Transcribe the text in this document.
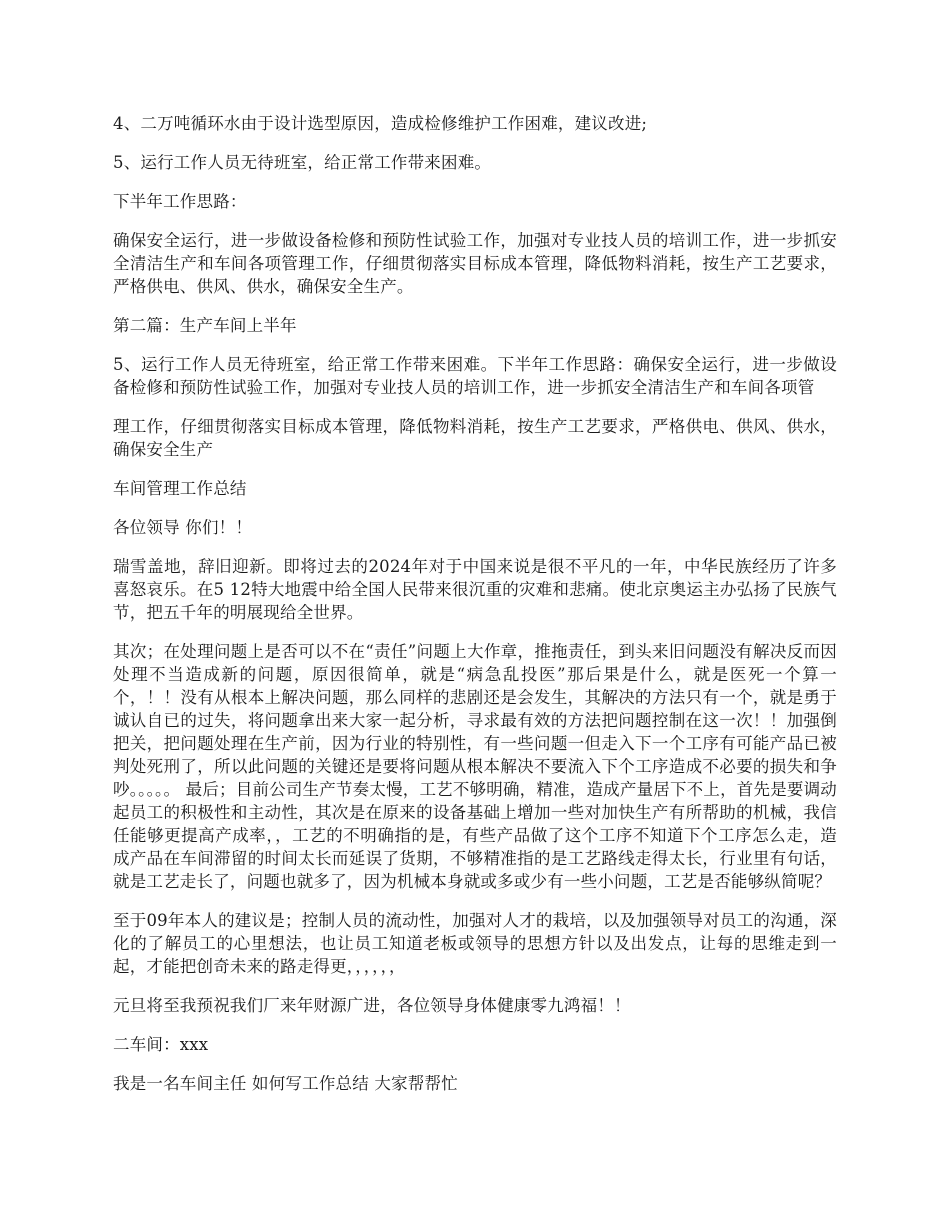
4、二万吨循环水由于设计选型原因，造成检修维护工作困难，建议改进;

5、运行工作人员无待班室，给正常工作带来困难。

下半年工作思路：

确保安全运行，进一步做设备检修和预防性试验工作，加强对专业技人员的培训工作，进一步抓安全清洁生产和车间各项管理工作，仔细贯彻落实目标成本管理，降低物料消耗，按生产工艺要求，严格供电、供风、供水，确保安全生产。

第二篇：生产车间上半年

5、运行工作人员无待班室，给正常工作带来困难。下半年工作思路：确保安全运行，进一步做设备检修和预防性试验工作，加强对专业技人员的培训工作，进一步抓安全清洁生产和车间各项管

理工作，仔细贯彻落实目标成本管理，降低物料消耗，按生产工艺要求，严格供电、供风、供水，确保安全生产

车间管理工作总结

各位领导 你们！！

瑞雪盖地，辞旧迎新。即将过去的2024年对于中国来说是很不平凡的一年，中华民族经历了许多喜怒哀乐。在5 12特大地震中给全国人民带来很沉重的灾难和悲痛。使北京奥运主办弘扬了民族气节，把五千年的明展现给全世界。

其次；在处理问题上是否可以不在“责任”问题上大作章，推拖责任，到头来旧问题没有解决反而因处理不当造成新的问题，原因很简单，就是“病急乱投医”那后果是什么，就是医死一个算一个，！！没有从根本上解决问题，那么同样的悲剧还是会发生，其解决的方法只有一个，就是勇于诚认自已的过失，将问题拿出来大家一起分析，寻求最有效的方法把问题控制在这一次！！加强倒把关，把问题处理在生产前，因为行业的特别性，有一些问题一但走入下一个工序有可能产品已被判处死刑了，所以此问题的关键还是要将问题从根本解决不要流入下个工序造成不必要的损失和争吵。。。。。 最后；目前公司生产节奏太慢，工艺不够明确，精准，造成产量居下不上，首先是要调动起员工的积极性和主动性，其次是在原来的设备基础上增加一些对加快生产有所帮助的机械，我信任能够更提高产成率，，工艺的不明确指的是，有些产品做了这个工序不知道下个工序怎么走，造成产品在车间滞留的时间太长而延误了货期，不够精准指的是工艺路线走得太长，行业里有句话，就是工艺走长了，问题也就多了，因为机械本身就或多或少有一些小问题，工艺是否能够纵简呢？

至于09年本人的建议是；控制人员的流动性，加强对人才的栽培，以及加强领导对员工的沟通，深化的了解员工的心里想法，也让员工知道老板或领导的思想方针以及出发点，让每的思维走到一起，才能把创奇未来的路走得更，，，，，，

元旦将至我预祝我们厂来年财源广进，各位领导身体健康零九鸿福！！

二车间：xxx

我是一名车间主任 如何写工作总结 大家帮帮忙
